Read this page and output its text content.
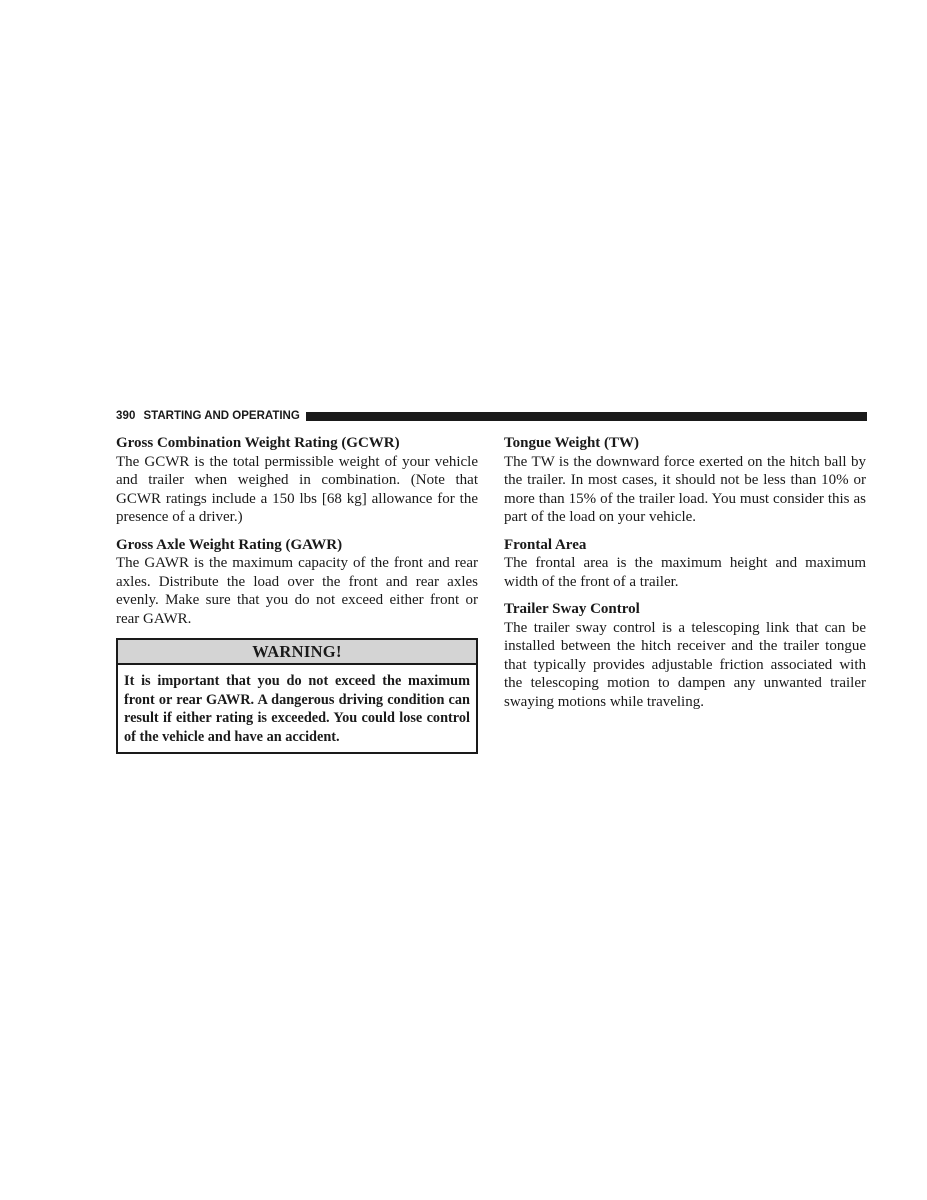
390 STARTING AND OPERATING

Gross Combination Weight Rating (GCWR)

The GCWR is the total permissible weight of your vehicle and trailer when weighed in combination. (Note that GCWR ratings include a 150 lbs [68 kg] allowance for the presence of a driver.)

Gross Axle Weight Rating (GAWR)

The GAWR is the maximum capacity of the front and rear axles. Distribute the load over the front and rear axles evenly. Make sure that you do not exceed either front or rear GAWR.

WARNING!
It is important that you do not exceed the maximum front or rear GAWR. A dangerous driving condition can result if either rating is exceeded. You could lose control of the vehicle and have an accident.

Tongue Weight (TW)

The TW is the downward force exerted on the hitch ball by the trailer. In most cases, it should not be less than 10% or more than 15% of the trailer load. You must consider this as part of the load on your vehicle.

Frontal Area

The frontal area is the maximum height and maximum width of the front of a trailer.

Trailer Sway Control

The trailer sway control is a telescoping link that can be installed between the hitch receiver and the trailer tongue that typically provides adjustable friction associated with the telescoping motion to dampen any unwanted trailer swaying motions while traveling.
